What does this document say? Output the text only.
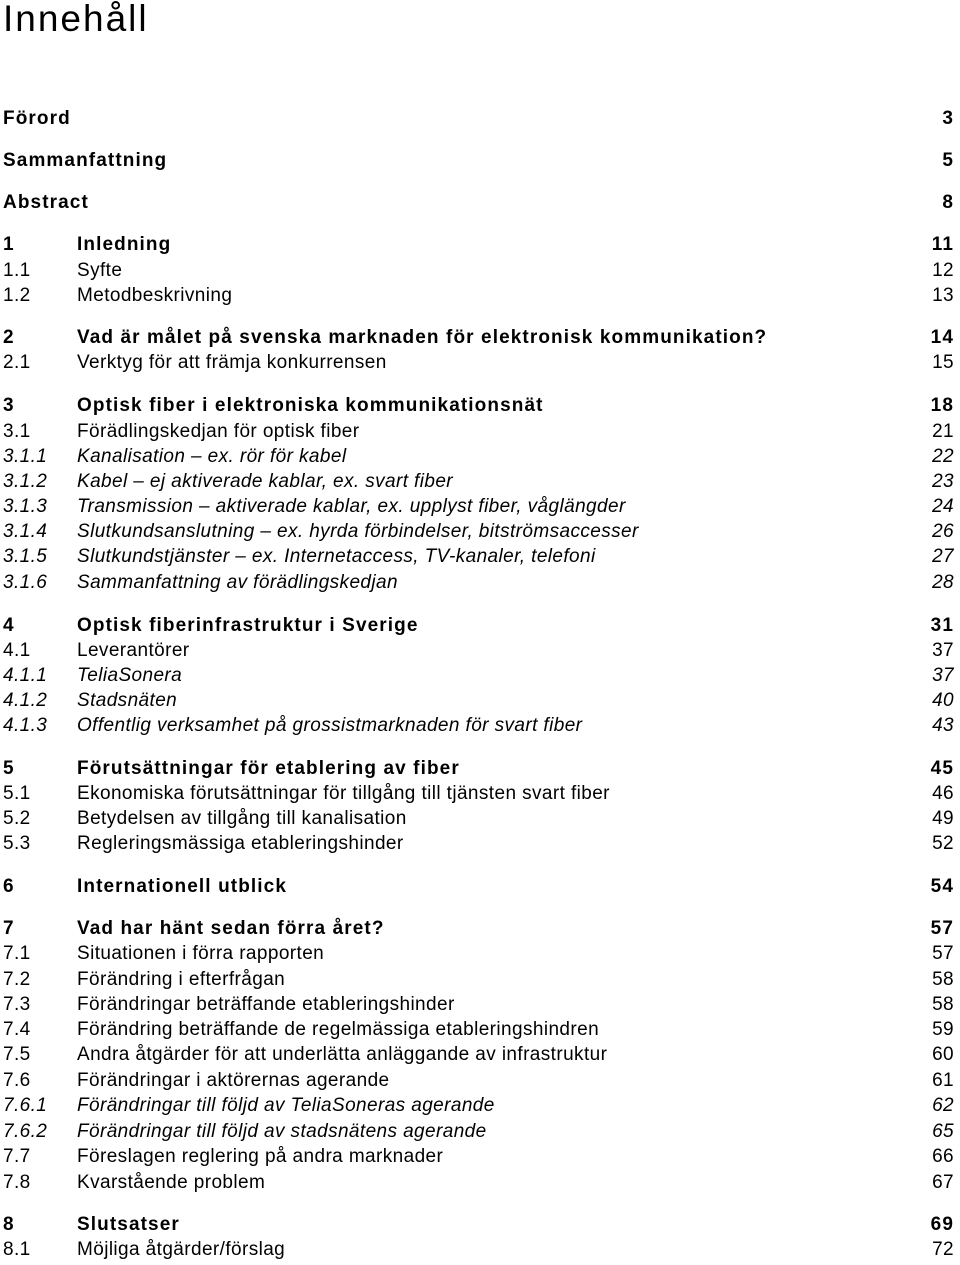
Innehåll
Förord	3
Sammanfattning	5
Abstract	8
1	Inledning	11
1.1 Syfte	12
1.2 Metodbeskrivning	13
2	Vad är målet på svenska marknaden för elektronisk kommunikation?	14
2.1 Verktyg för att främja konkurrensen	15
3	Optisk fiber i elektroniska kommunikationsnät	18
3.1 Förädlingskedjan för optisk fiber	21
3.1.1 Kanalisation – ex. rör för kabel	22
3.1.2 Kabel – ej aktiverade kablar, ex. svart fiber	23
3.1.3 Transmission – aktiverade kablar, ex. upplyst fiber, våglängder	24
3.1.4 Slutkundsanslutning – ex. hyrda förbindelser, bitströmsaccesser	26
3.1.5 Slutkundstjänster – ex. Internetaccess, TV-kanaler, telefoni	27
3.1.6 Sammanfattning av förädlingskedjan	28
4	Optisk fiberinfrastruktur i Sverige	31
4.1 Leverantörer	37
4.1.1 TeliaSonera	37
4.1.2 Stadsnäten	40
4.1.3 Offentlig verksamhet på grossistmarknaden för svart fiber	43
5	Förutsättningar för etablering av fiber	45
5.1 Ekonomiska förutsättningar för tillgång till tjänsten svart fiber	46
5.2 Betydelsen av tillgång till kanalisation	49
5.3 Regleringsmässiga etableringshinder	52
6	Internationell utblick	54
7	Vad har hänt sedan förra året?	57
7.1 Situationen i förra rapporten	57
7.2 Förändring i efterfrågan	58
7.3 Förändringar beträffande etableringshinder	58
7.4 Förändring beträffande de regelmässiga etableringshindren	59
7.5 Andra åtgärder för att underlätta anläggande av infrastruktur	60
7.6 Förändringar i aktörernas agerande	61
7.6.1 Förändringar till följd av TeliaSoneras agerande	62
7.6.2 Förändringar till följd av stadsnätens agerande	65
7.7 Föreslagen reglering på andra marknader	66
7.8 Kvarstående problem	67
8	Slutsatser	69
8.1 Möjliga åtgärder/förslag	72
